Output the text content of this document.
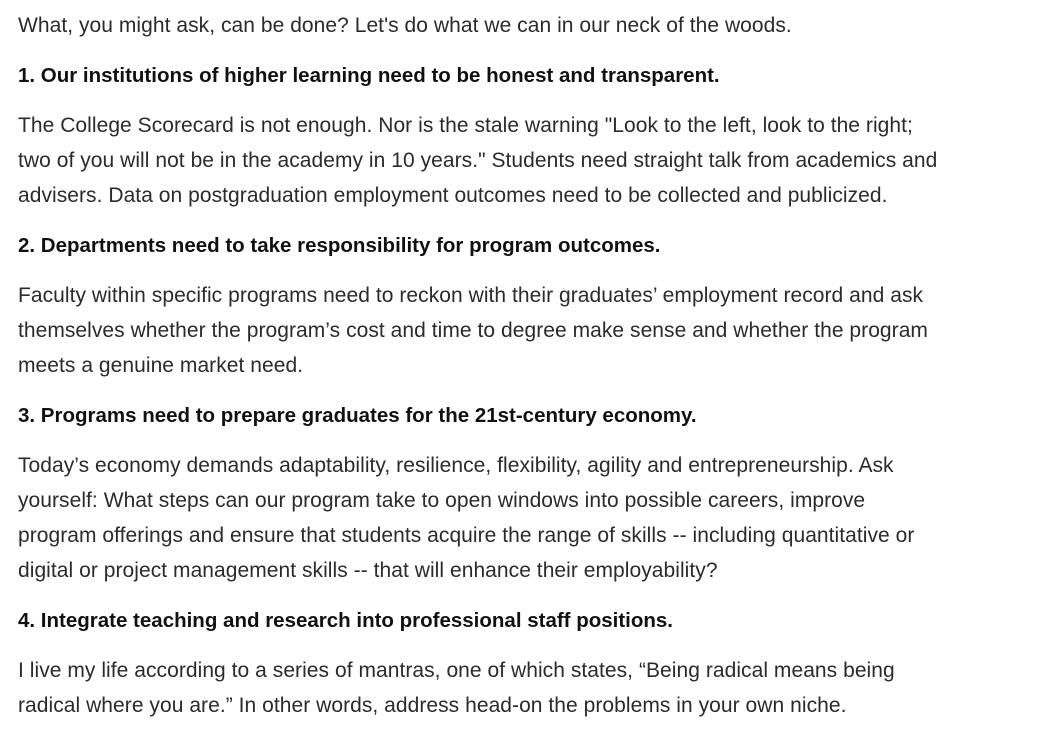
What, you might ask, can be done? Let's do what we can in our neck of the woods.
1. Our institutions of higher learning need to be honest and transparent.
The College Scorecard is not enough. Nor is the stale warning "Look to the left, look to the right;
two of you will not be in the academy in 10 years." Students need straight talk from academics and
advisers. Data on postgraduation employment outcomes need to be collected and publicized.
2. Departments need to take responsibility for program outcomes.
Faculty within specific programs need to reckon with their graduates’ employment record and ask
themselves whether the program’s cost and time to degree make sense and whether the program
meets a genuine market need.
3. Programs need to prepare graduates for the 21st-century economy.
Today’s economy demands adaptability, resilience, flexibility, agility and entrepreneurship. Ask
yourself: What steps can our program take to open windows into possible careers, improve
program offerings and ensure that students acquire the range of skills -- including quantitative or
digital or project management skills -- that will enhance their employability?
4. Integrate teaching and research into professional staff positions.
I live my life according to a series of mantras, one of which states, “Being radical means being
radical where you are.” In other words, address head-on the problems in your own niche.
